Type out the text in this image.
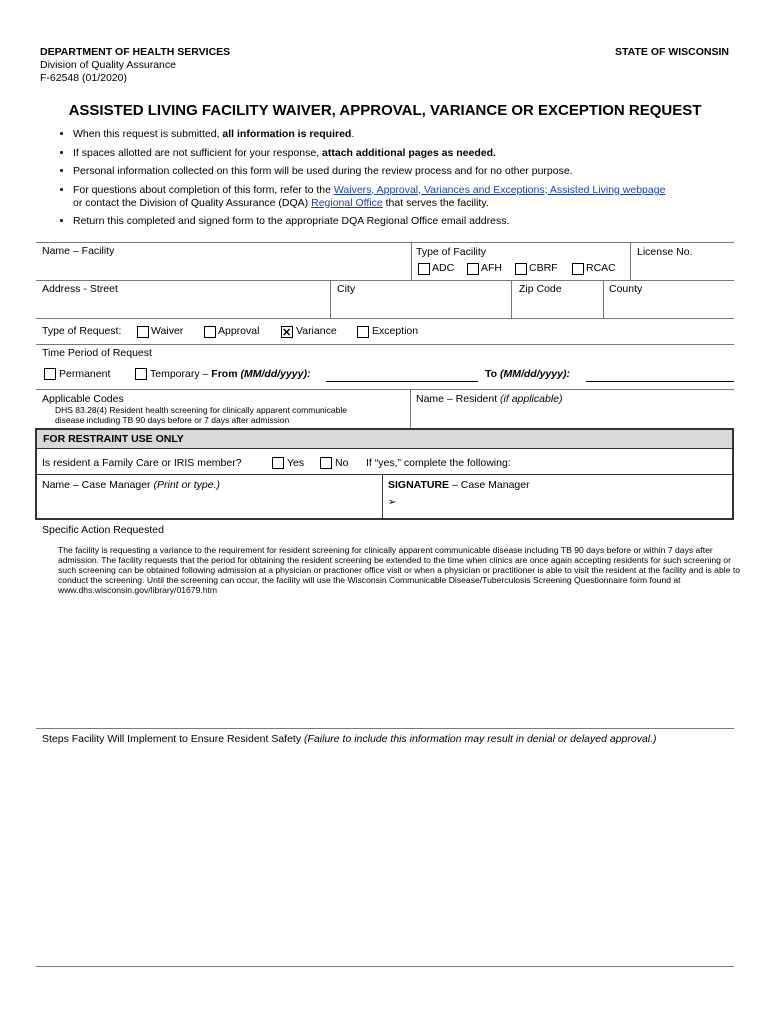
DEPARTMENT OF HEALTH SERVICES
Division of Quality Assurance
F-62548 (01/2020)
STATE OF WISCONSIN
ASSISTED LIVING FACILITY WAIVER, APPROVAL, VARIANCE OR EXCEPTION REQUEST
• When this request is submitted, all information is required.
• If spaces allotted are not sufficient for your response, attach additional pages as needed.
• Personal information collected on this form will be used during the review process and for no other purpose.
• For questions about completion of this form, refer to the Waivers, Approval, Variances and Exceptions; Assisted Living webpage
or contact the Division of Quality Assurance (DQA) Regional Office that serves the facility.
• Return this completed and signed form to the appropriate DQA Regional Office email address.
Name – Facility	Type of Facility
ADC	AFH	CBRF	RCAC
License No.
Address - Street	City	Zip Code	County
Type of Request:	Waiver	Approval ✕ Variance	Exception
Time Period of Request
Permanent	Temporary – From (MM/dd/yyyy):	To (MM/dd/yyyy):
Applicable Codes
DHS 83.28(4) Resident health screening for clinically apparent communicable
disease including TB 90 days before or 7 days after admission
Name – Resident (if applicable)
FOR RESTRAINT USE ONLY
Is resident a Family Care or IRIS member?	Yes	No If “yes,” complete the following:
Name – Case Manager (Print or type.)	SIGNATURE – Case Manager
➢
Specific Action Requested
The facility is requesting a variance to the requirement for resident screening for clinically apparent communicable disease including TB 90 days before or within 7 days after admission. The facility requests that the period for obtaining the resident screening be extended to the time when clinics are once again accepting residents for such screening or such screening can be obtained following admission at a physician or practioner office visit or when a physician or practitioner is able to visit the resident at the facility and is able to conduct the screening. Until the screening can occur, the facility will use the Wisconsin Communicable Disease/Tuberculosis Screening Questionnaire form found at www.dhs.wisconsin.gov/library/01679.htm
Steps Facility Will Implement to Ensure Resident Safety (Failure to include this information may result in denial or delayed approval.)
